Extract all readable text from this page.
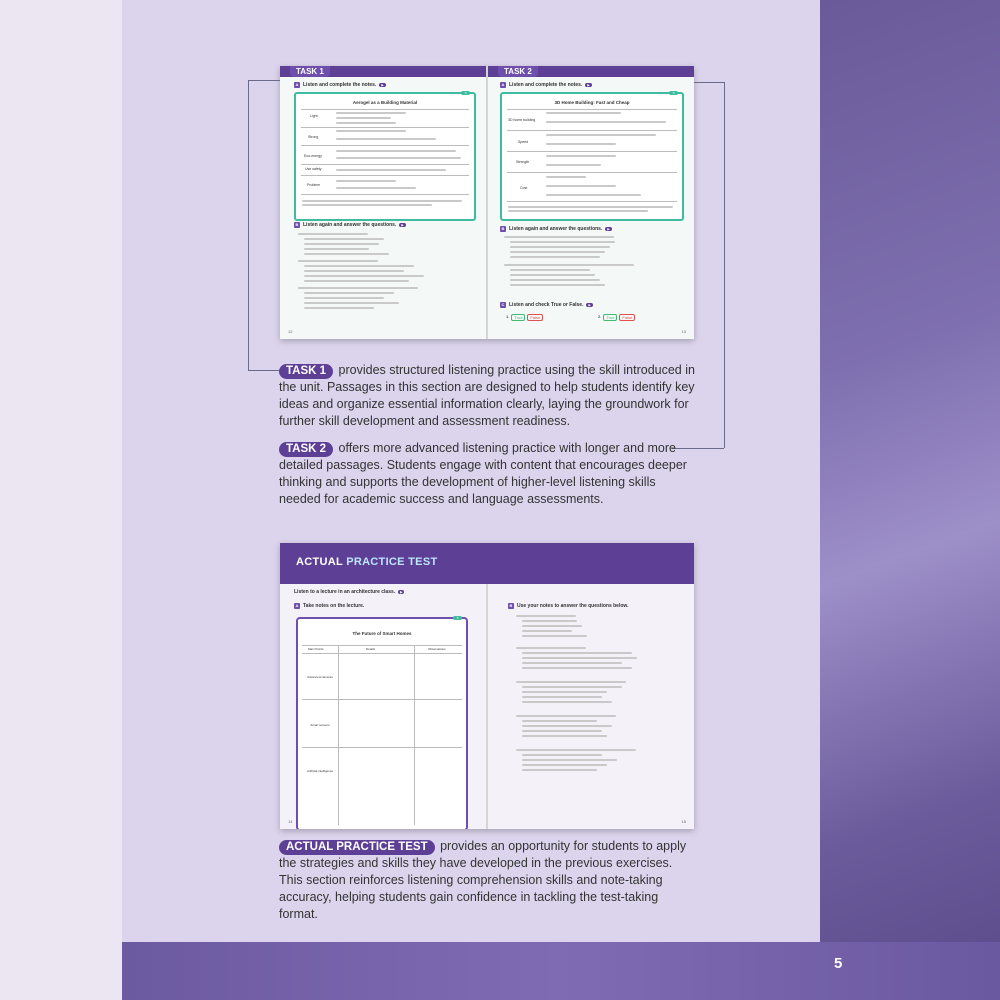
5
TASK 1
A Listen and complete the notes.	▶
✎
Aerogel as a Building Material
Light
Strong
Eco-energy
Use safety
Problem
B Listen again and answer the questions.	▶
12
TASK 2
A Listen and complete the notes.	▶
✎
3D Home Building: Fast and Cheap
3D home building
Speed
Strength
Cost
B Listen again and answer the questions.	▶
C Listen and check True or False.	▶
1.	True	False	2.	True	False
13
TASK 1 provides structured listening practice using the skill introduced in the unit. Passages in this section are designed to help students identify key ideas and organize essential information clearly, laying the groundwork for further skill development and assessment readiness.
TASK 2 offers more advanced listening practice with longer and more detailed passages. Students engage with content that encourages deeper thinking and supports the development of higher-level listening skills needed for academic success and language assessments.
ACTUAL PRACTICE TEST
Listen to a lecture in an architecture class.	▶
A Take notes on the lecture.
✎
The Future of Smart Homes
Main Points	Details	Observations
Advanced cameras
Smart sensors
Artificial intelligence
B Use your notes to answer the questions below.
14	15
ACTUAL PRACTICE TEST provides an opportunity for students to apply the strategies and skills they have developed in the previous exercises. This section reinforces listening comprehension skills and note-taking accuracy, helping students gain confidence in tackling the test-taking format.
